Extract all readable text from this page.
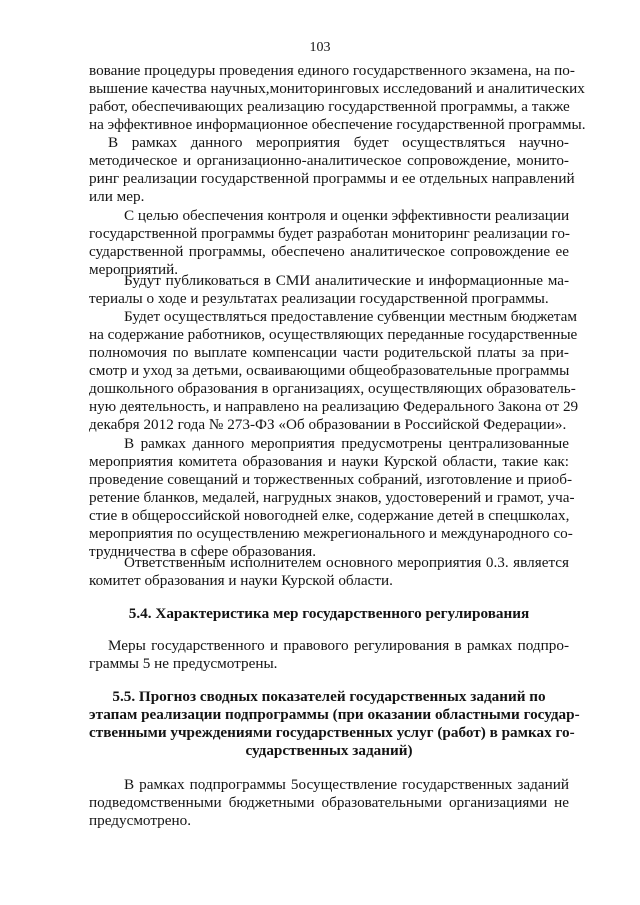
103
вование процедуры проведения единого государственного экзамена, на по-
вышение качества научных,мониторинговых исследований и аналитических
работ, обеспечивающих реализацию государственной программы, а также
на эффективное информационное обеспечение государственной программы.
В рамках данного мероприятия будет осуществляться научно-
методическое и организационно-аналитическое сопровождение, монито-
ринг реализации государственной программы и ее отдельных направлений
или мер.
С целью обеспечения контроля и оценки эффективности реализации
государственной программы будет разработан мониторинг реализации го-
сударственной программы, обеспечено аналитическое сопровождение ее
мероприятий.
Будут публиковаться в СМИ аналитические и информационные ма-
териалы о ходе и результатах реализации государственной программы.
Будет осуществляться предоставление субвенции местным бюджетам
на содержание работников, осуществляющих переданные государственные
полномочия по выплате компенсации части родительской платы за при-
смотр и уход за детьми, осваивающими общеобразовательные программы
дошкольного образования в организациях, осуществляющих образователь-
ную деятельность, и направлено на реализацию Федерального Закона от 29
декабря 2012 года № 273-ФЗ «Об образовании в Российской Федерации».
В рамках данного мероприятия предусмотрены централизованные
мероприятия комитета образования и науки Курской области, такие как:
проведение совещаний и торжественных собраний, изготовление и приоб-
ретение бланков, медалей, нагрудных знаков, удостоверений и грамот, уча-
стие в общероссийской новогодней елке, содержание детей в спецшколах,
мероприятия по осуществлению межрегионального и международного со-
трудничества в сфере образования.
Ответственным исполнителем основного мероприятия 0.3. является
комитет образования и науки Курской области.
5.4. Характеристика мер государственного регулирования
Меры государственного и правового регулирования в рамках подпро-
граммы 5 не предусмотрены.
5.5. Прогноз сводных показателей государственных заданий по
этапам реализации подпрограммы (при оказании областными государ-
ственными учреждениями государственных услуг (работ) в рамках го-
сударственных заданий)
В рамках подпрограммы 5осуществление государственных заданий
подведомственными бюджетными образовательными организациями не
предусмотрено.
